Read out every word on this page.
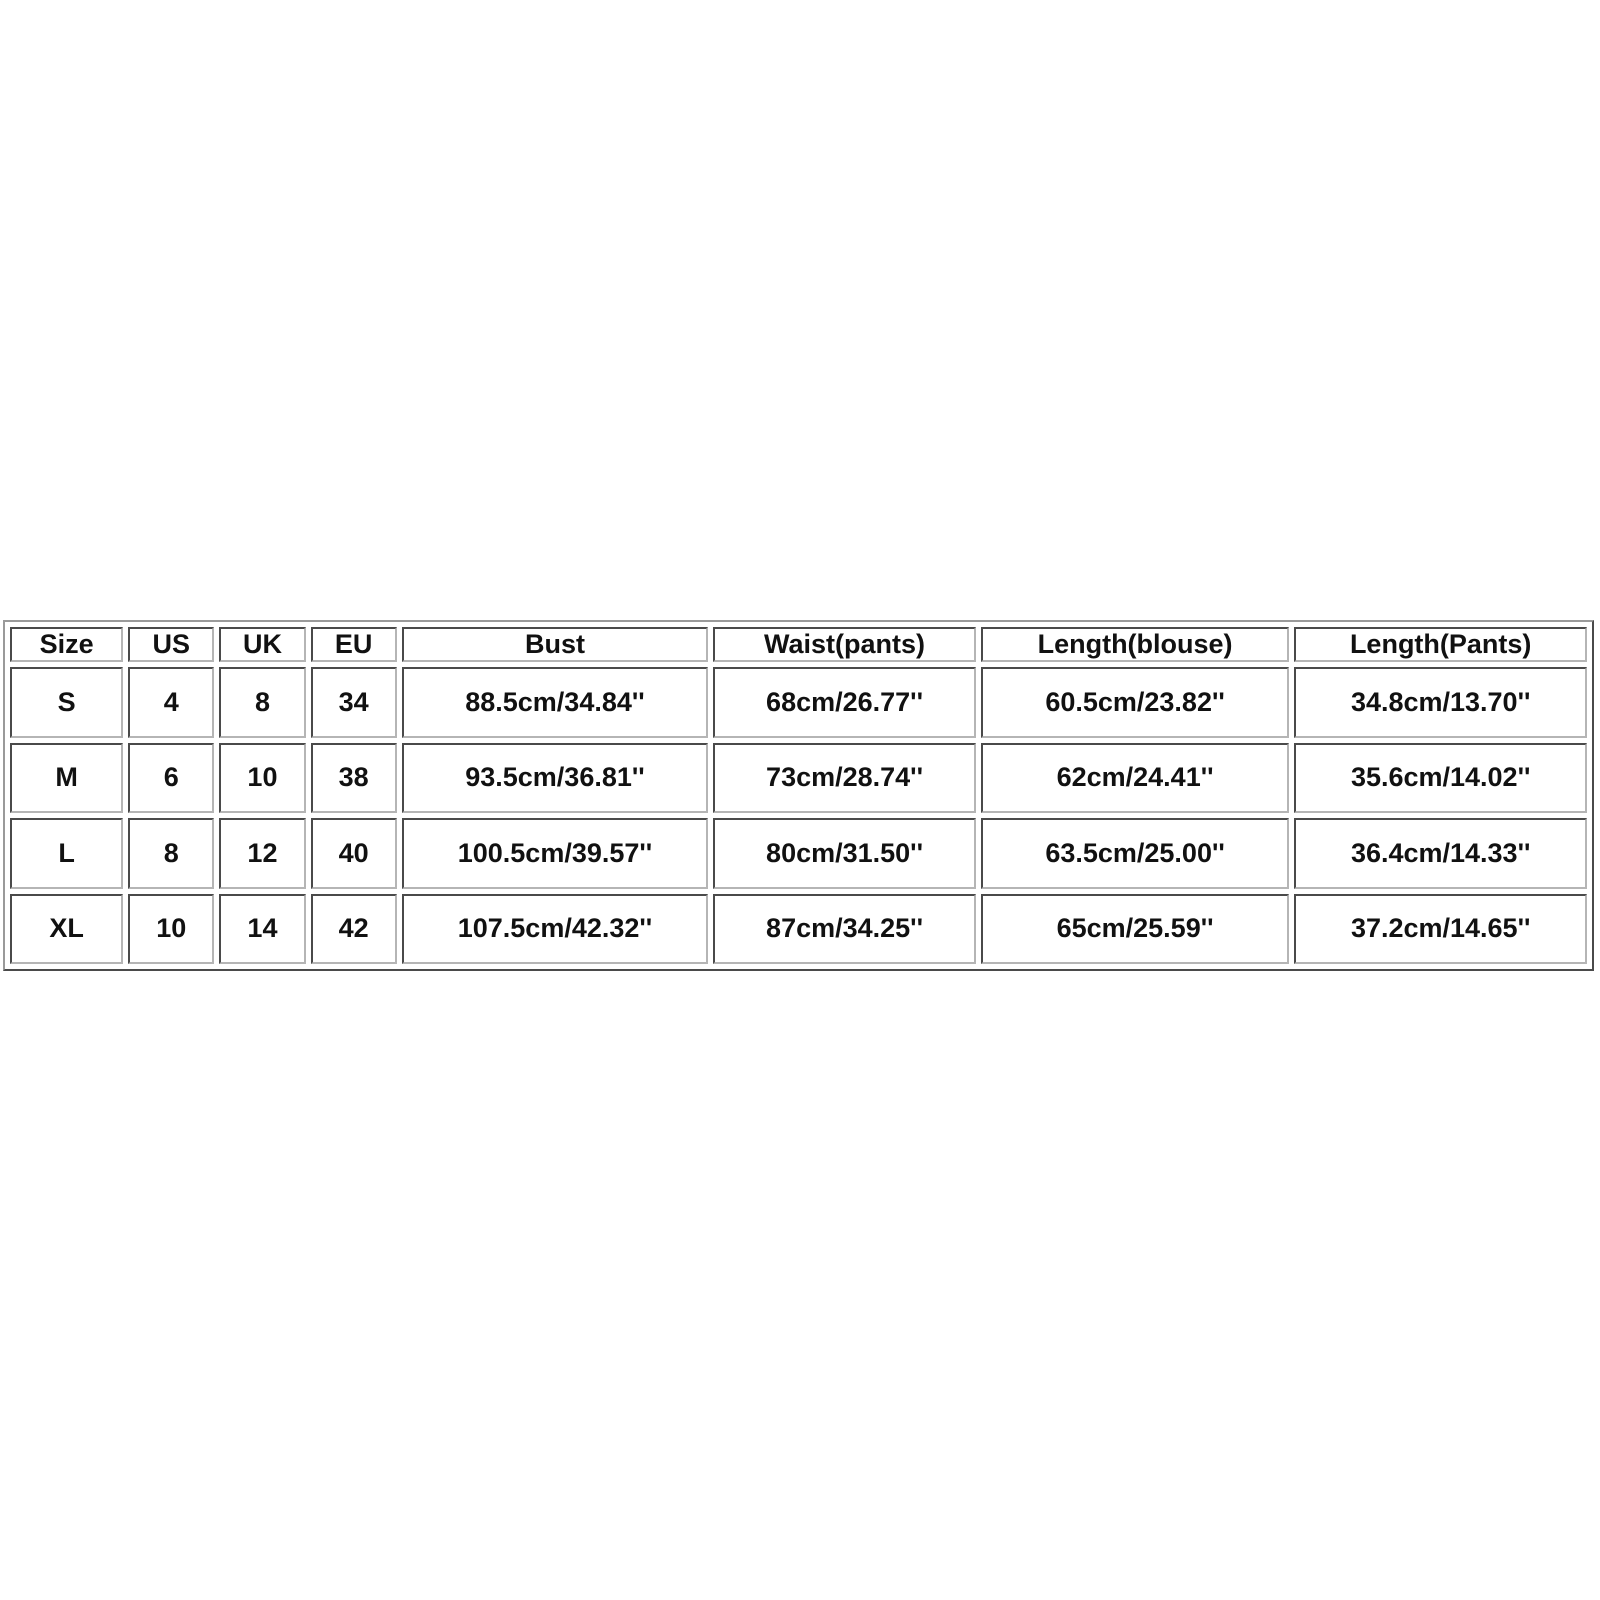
Size	US	UK	EU	Bust	Waist(pants)	Length(blouse)	Length(Pants)
S	4	8	34	88.5cm/34.84''	68cm/26.77''	60.5cm/23.82''	34.8cm/13.70''
M	6	10	38	93.5cm/36.81''	73cm/28.74''	62cm/24.41''	35.6cm/14.02''
L	8	12	40	100.5cm/39.57''	80cm/31.50''	63.5cm/25.00''	36.4cm/14.33''
XL	10	14	42	107.5cm/42.32''	87cm/34.25''	65cm/25.59''	37.2cm/14.65''
